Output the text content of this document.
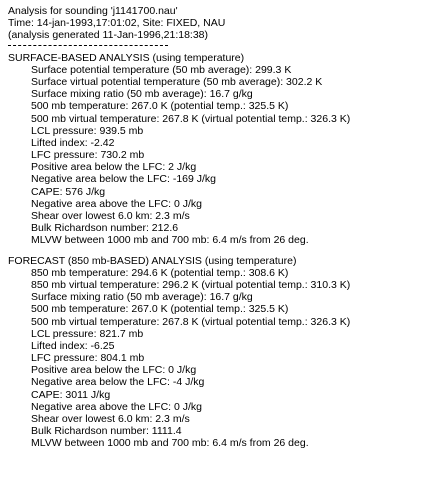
Analysis for sounding 'j1141700.nau'
Time: 14-jan-1993,17:01:02, Site: FIXED, NAU
(analysis generated 11-Jan-1996,21:18:38)
SURFACE-BASED ANALYSIS (using temperature)
Surface potential temperature (50 mb average): 299.3 K
Surface virtual potential temperature (50 mb average): 302.2 K
Surface mixing ratio (50 mb average): 16.7 g/kg
500 mb temperature: 267.0 K (potential temp.: 325.5 K)
500 mb virtual temperature: 267.8 K (virtual potential temp.: 326.3 K)
LCL pressure: 939.5 mb
Lifted index: -2.42
LFC pressure: 730.2 mb
Positive area below the LFC: 2 J/kg
Negative area below the LFC: -169 J/kg
CAPE: 576 J/kg
Negative area above the LFC: 0 J/kg
Shear over lowest 6.0 km: 2.3 m/s
Bulk Richardson number: 212.6
MLVW between 1000 mb and 700 mb: 6.4 m/s from 26 deg.
FORECAST (850 mb-BASED) ANALYSIS (using temperature)
850 mb temperature: 294.6 K (potential temp.: 308.6 K)
850 mb virtual temperature: 296.2 K (virtual potential temp.: 310.3 K)
Surface mixing ratio (50 mb average): 16.7 g/kg
500 mb temperature: 267.0 K (potential temp.: 325.5 K)
500 mb virtual temperature: 267.8 K (virtual potential temp.: 326.3 K)
LCL pressure: 821.7 mb
Lifted index: -6.25
LFC pressure: 804.1 mb
Positive area below the LFC: 0 J/kg
Negative area below the LFC: -4 J/kg
CAPE: 3011 J/kg
Negative area above the LFC: 0 J/kg
Shear over lowest 6.0 km: 2.3 m/s
Bulk Richardson number: 1111.4
MLVW between 1000 mb and 700 mb: 6.4 m/s from 26 deg.
